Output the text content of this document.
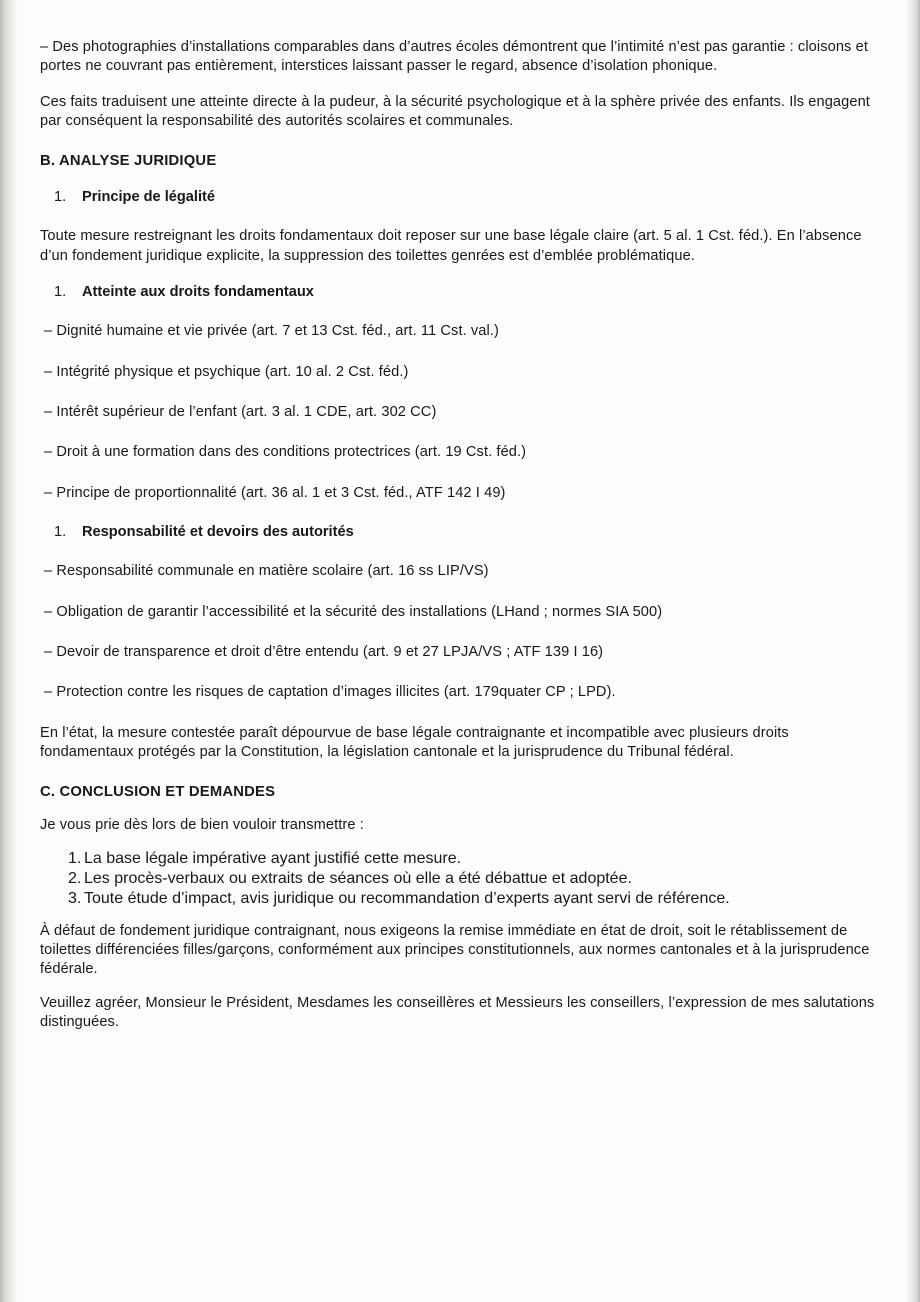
– Des photographies d’installations comparables dans d’autres écoles démontrent que l’intimité n’est pas garantie : cloisons et portes ne couvrant pas entièrement, interstices laissant passer le regard, absence d’isolation phonique.

Ces faits traduisent une atteinte directe à la pudeur, à la sécurité psychologique et à la sphère privée des enfants. Ils engagent par conséquent la responsabilité des autorités scolaires et communales.

B. ANALYSE JURIDIQUE

1.	Principe de légalité

Toute mesure restreignant les droits fondamentaux doit reposer sur une base légale claire (art. 5 al. 1 Cst. féd.). En l’absence d’un fondement juridique explicite, la suppression des toilettes genrées est d’emblée problématique.

1.	Atteinte aux droits fondamentaux

– Dignité humaine et vie privée (art. 7 et 13 Cst. féd., art. 11 Cst. val.)

– Intégrité physique et psychique (art. 10 al. 2 Cst. féd.)

– Intérêt supérieur de l’enfant (art. 3 al. 1 CDE, art. 302 CC)

– Droit à une formation dans des conditions protectrices (art. 19 Cst. féd.)

– Principe de proportionnalité (art. 36 al. 1 et 3 Cst. féd., ATF 142 I 49)

1.	Responsabilité et devoirs des autorités

– Responsabilité communale en matière scolaire (art. 16 ss LIP/VS)

– Obligation de garantir l’accessibilité et la sécurité des installations (LHand ; normes SIA 500)

– Devoir de transparence et droit d’être entendu (art. 9 et 27 LPJA/VS ; ATF 139 I 16)

– Protection contre les risques de captation d’images illicites (art. 179quater CP ; LPD).

En l’état, la mesure contestée paraît dépourvue de base légale contraignante et incompatible avec plusieurs droits fondamentaux protégés par la Constitution, la législation cantonale et la jurisprudence du Tribunal fédéral.

C. CONCLUSION ET DEMANDES

Je vous prie dès lors de bien vouloir transmettre :

1. La base légale impérative ayant justifié cette mesure.
2. Les procès-verbaux ou extraits de séances où elle a été débattue et adoptée.
3. Toute étude d’impact, avis juridique ou recommandation d’experts ayant servi de référence.

À défaut de fondement juridique contraignant, nous exigeons la remise immédiate en état de droit, soit le rétablissement de toilettes différenciées filles/garçons, conformément aux principes constitutionnels, aux normes cantonales et à la jurisprudence fédérale.

Veuillez agréer, Monsieur le Président, Mesdames les conseillères et Messieurs les conseillers, l’expression de mes salutations distinguées.
